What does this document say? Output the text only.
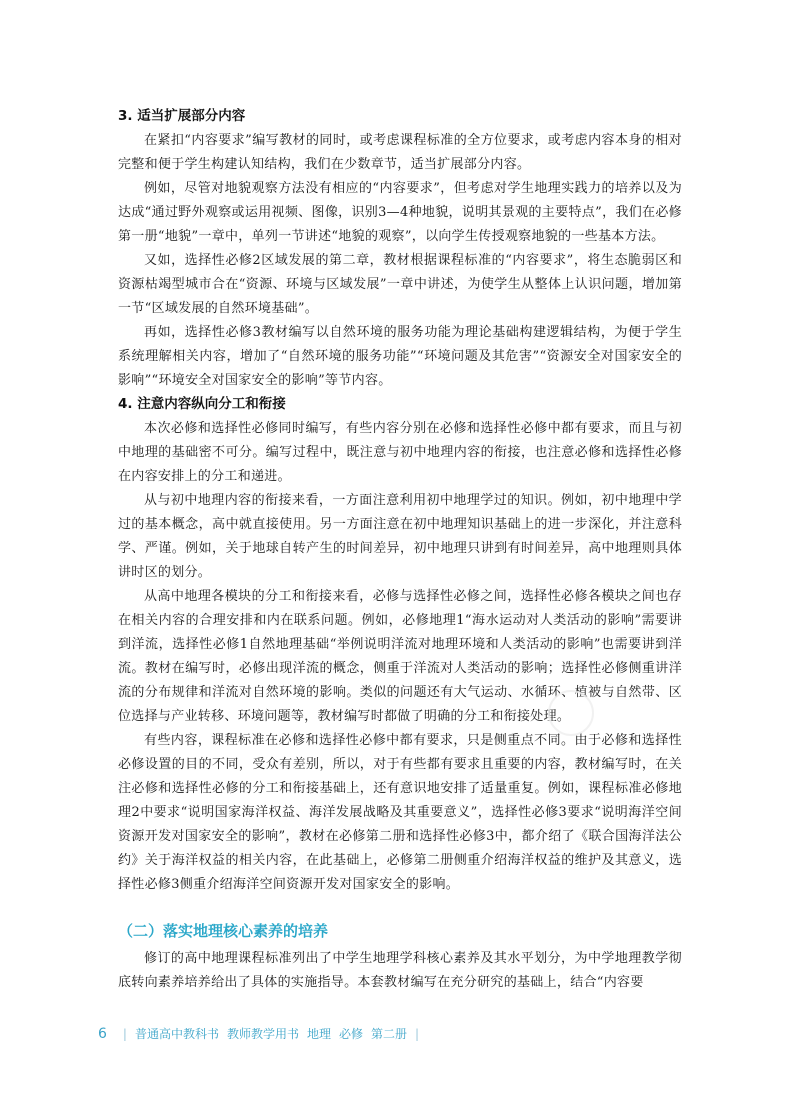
3. 适当扩展部分内容

在紧扣“内容要求”编写教材的同时，或考虑课程标准的全方位要求，或考虑内容本身的相对完整和便于学生构建认知结构，我们在少数章节，适当扩展部分内容。

例如，尽管对地貌观察方法没有相应的“内容要求”，但考虑对学生地理实践力的培养以及为达成“通过野外观察或运用视频、图像，识别3—4种地貌，说明其景观的主要特点”，我们在必修第一册“地貌”一章中，单列一节讲述“地貌的观察”，以向学生传授观察地貌的一些基本方法。

又如，选择性必修2区域发展的第二章，教材根据课程标准的“内容要求”，将生态脆弱区和资源枯竭型城市合在“资源、环境与区域发展”一章中讲述，为使学生从整体上认识问题，增加第一节“区域发展的自然环境基础”。

再如，选择性必修3教材编写以自然环境的服务功能为理论基础构建逻辑结构，为便于学生系统理解相关内容，增加了“自然环境的服务功能”“环境问题及其危害”“资源安全对国家安全的影响”“环境安全对国家安全的影响”等节内容。

4. 注意内容纵向分工和衔接

本次必修和选择性必修同时编写，有些内容分别在必修和选择性必修中都有要求，而且与初中地理的基础密不可分。编写过程中，既注意与初中地理内容的衔接，也注意必修和选择性必修在内容安排上的分工和递进。

从与初中地理内容的衔接来看，一方面注意利用初中地理学过的知识。例如，初中地理中学过的基本概念，高中就直接使用。另一方面注意在初中地理知识基础上的进一步深化，并注意科学、严谨。例如，关于地球自转产生的时间差异，初中地理只讲到有时间差异，高中地理则具体讲时区的划分。

从高中地理各模块的分工和衔接来看，必修与选择性必修之间，选择性必修各模块之间也存在相关内容的合理安排和内在联系问题。例如，必修地理1“海水运动对人类活动的影响”需要讲到洋流，选择性必修1自然地理基础“举例说明洋流对地理环境和人类活动的影响”也需要讲到洋流。教材在编写时，必修出现洋流的概念，侧重于洋流对人类活动的影响；选择性必修侧重讲洋流的分布规律和洋流对自然环境的影响。类似的问题还有大气运动、水循环、植被与自然带、区位选择与产业转移、环境问题等，教材编写时都做了明确的分工和衔接处理。

有些内容，课程标准在必修和选择性必修中都有要求，只是侧重点不同。由于必修和选择性必修设置的目的不同，受众有差别，所以，对于有些都有要求且重要的内容，教材编写时，在关注必修和选择性必修的分工和衔接基础上，还有意识地安排了适量重复。例如，课程标准必修地理2中要求“说明国家海洋权益、海洋发展战略及其重要意义”，选择性必修3要求“说明海洋空间资源开发对国家安全的影响”，教材在必修第二册和选择性必修3中，都介绍了《联合国海洋法公约》关于海洋权益的相关内容，在此基础上，必修第二册侧重介绍海洋权益的维护及其意义，选择性必修3侧重介绍海洋空间资源开发对国家安全的影响。

（二）落实地理核心素养的培养

修订的高中地理课程标准列出了中学生地理学科核心素养及其水平划分，为中学地理教学彻底转向素养培养给出了具体的实施指导。本套教材编写在充分研究的基础上，结合“内容要

6 | 普通高中教科书 教师教学用书 地理 必修 第二册 |
